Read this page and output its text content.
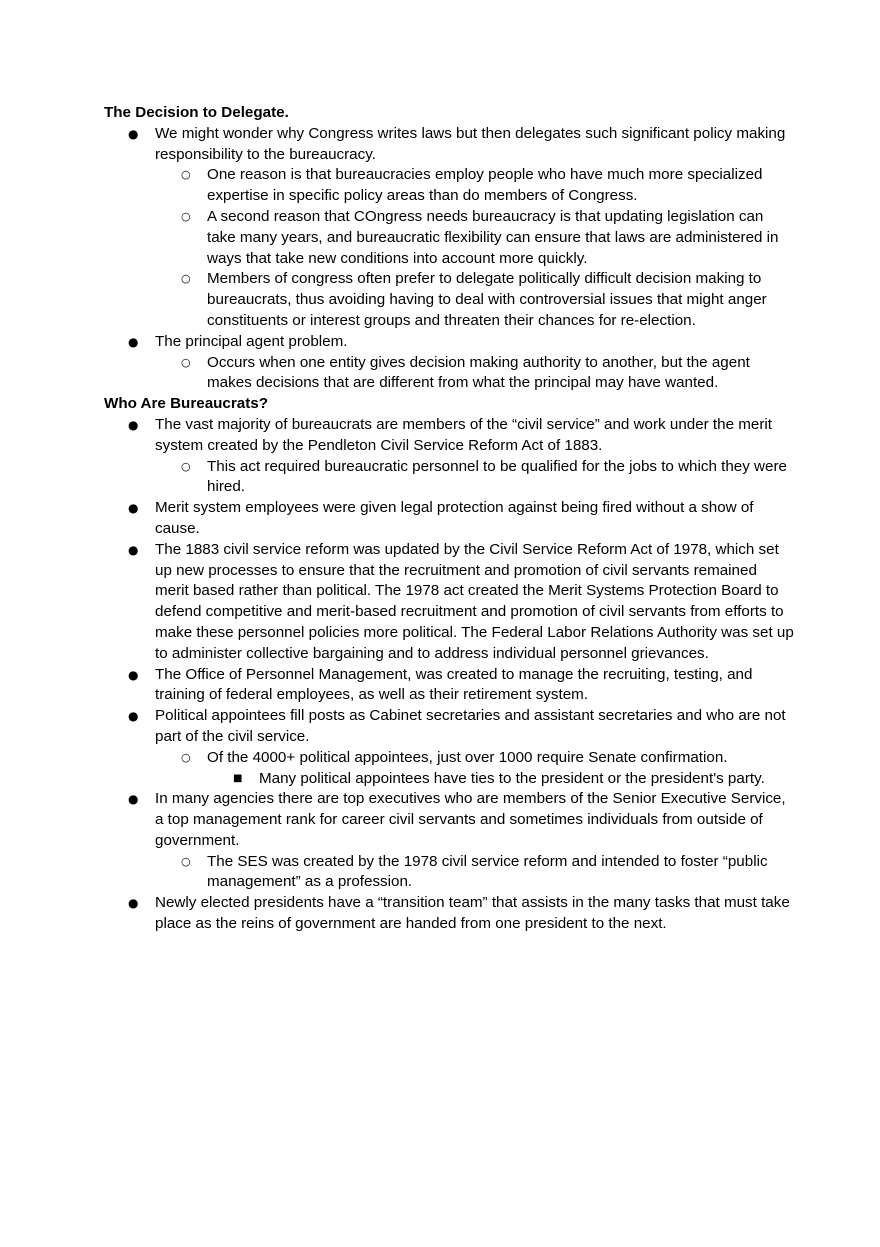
The Decision to Delegate.
● We might wonder why Congress writes laws but then delegates such significant policy making responsibility to the bureaucracy.
○ One reason is that bureaucracies employ people who have much more specialized expertise in specific policy areas than do members of Congress.
○ A second reason that COngress needs bureaucracy is that updating legislation can take many years, and bureaucratic flexibility can ensure that laws are administered in ways that take new conditions into account more quickly.
○ Members of congress often prefer to delegate politically difficult decision making to bureaucrats, thus avoiding having to deal with controversial issues that might anger constituents or interest groups and threaten their chances for re-election.
● The principal agent problem.
○ Occurs when one entity gives decision making authority to another, but the agent makes decisions that are different from what the principal may have wanted.
Who Are Bureaucrats?
● The vast majority of bureaucrats are members of the “civil service” and work under the merit system created by the Pendleton Civil Service Reform Act of 1883.
○ This act required bureaucratic personnel to be qualified for the jobs to which they were hired.
● Merit system employees were given legal protection against being fired without a show of cause.
● The 1883 civil service reform was updated by the Civil Service Reform Act of 1978, which set up new processes to ensure that the recruitment and promotion of civil servants remained merit based rather than political. The 1978 act created the Merit Systems Protection Board to defend competitive and merit-based recruitment and promotion of civil servants from efforts to make these personnel policies more political. The Federal Labor Relations Authority was set up to administer collective bargaining and to address individual personnel grievances.
● The Office of Personnel Management, was created to manage the recruiting, testing, and training of federal employees, as well as their retirement system.
● Political appointees fill posts as Cabinet secretaries and assistant secretaries and who are not part of the civil service.
○ Of the 4000+ political appointees, just over 1000 require Senate confirmation.
■ Many political appointees have ties to the president or the president's party.
● In many agencies there are top executives who are members of the Senior Executive Service, a top management rank for career civil servants and sometimes individuals from outside of government.
○ The SES was created by the 1978 civil service reform and intended to foster “public management” as a profession.
● Newly elected presidents have a “transition team” that assists in the many tasks that must take place as the reins of government are handed from one president to the next.
